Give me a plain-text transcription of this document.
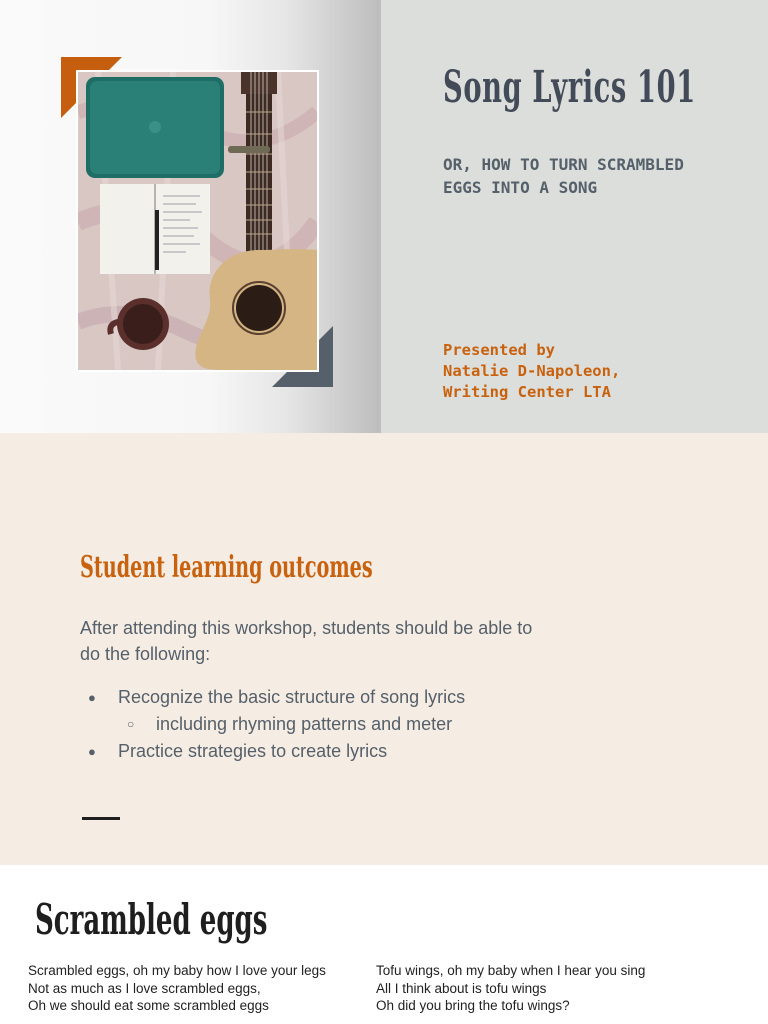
Song Lyrics 101
OR, HOW TO TURN SCRAMBLED
EGGS INTO A SONG
Presented by
Natalie D-Napoleon,
Writing Center LTA
Student learning outcomes
After attending this workshop, students should be able to
do the following:
● Recognize the basic structure of song lyrics
○ including rhyming patterns and meter
● Practice strategies to create lyrics
Scrambled eggs
Scrambled eggs, oh my baby how I love your legs
Not as much as I love scrambled eggs,
Oh we should eat some scrambled eggs
Tofu wings, oh my baby when I hear you sing
All I think about is tofu wings
Oh did you bring the tofu wings?
